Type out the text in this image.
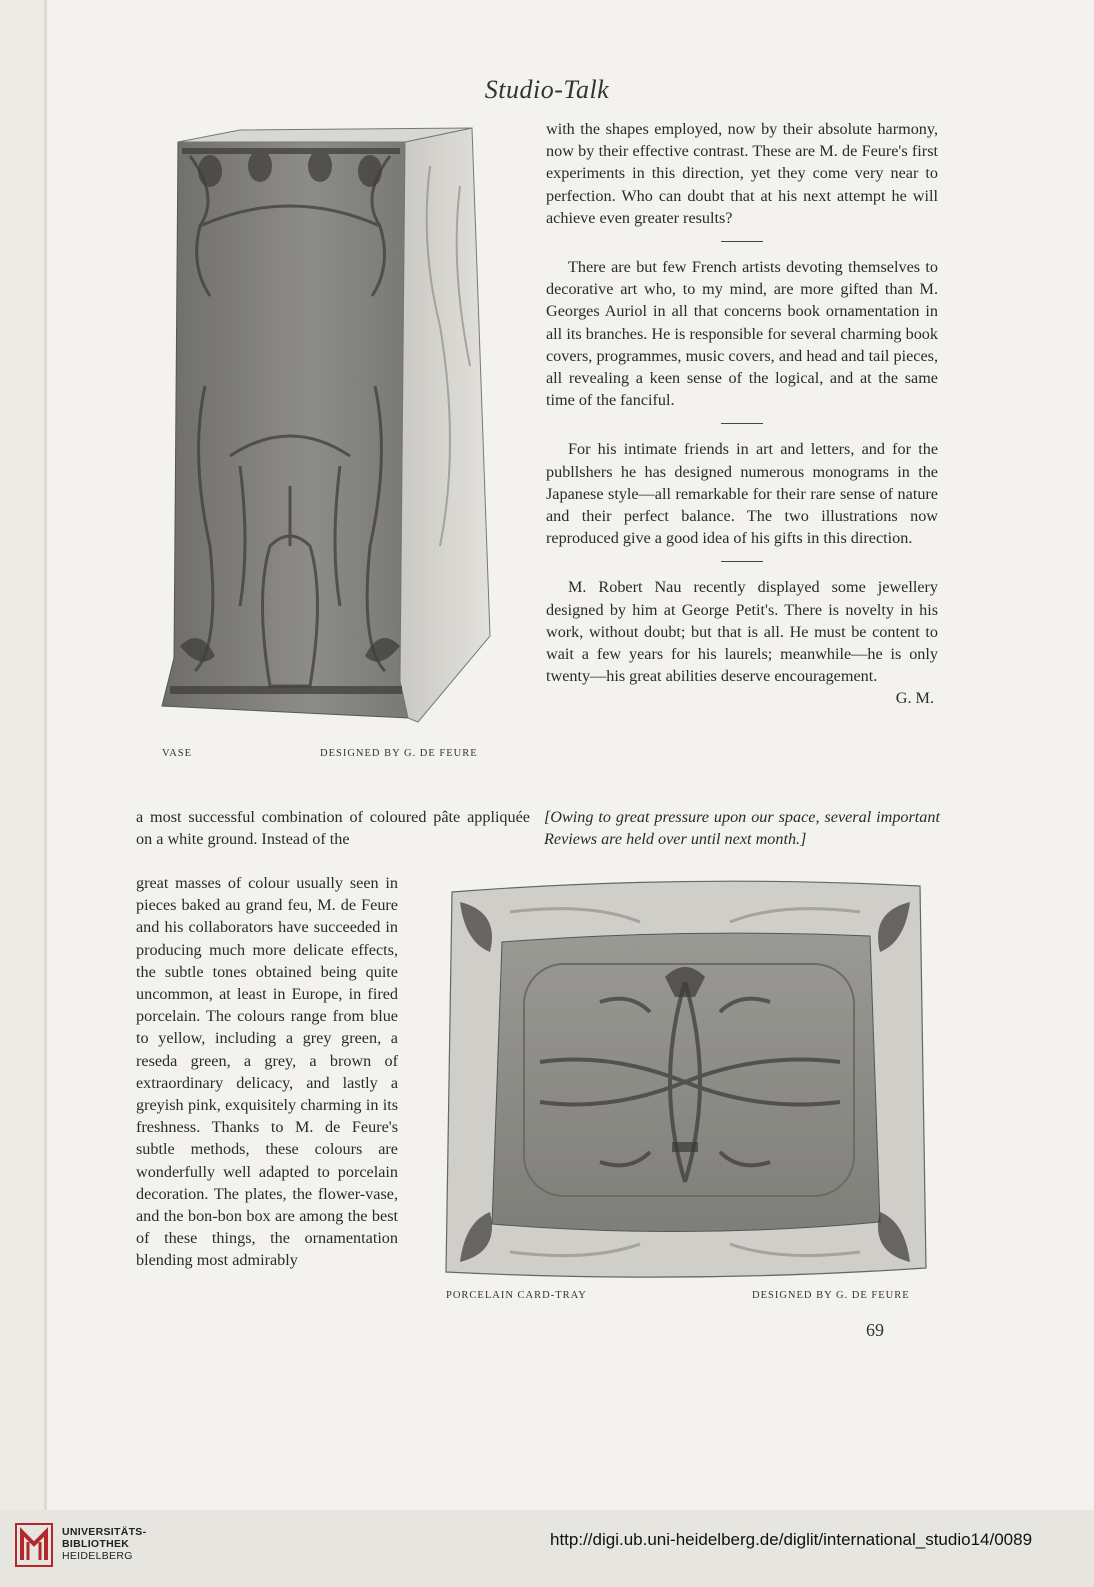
Studio-Talk
VASE	DESIGNED BY G. DE FEURE

with the shapes employed, now by their absolute harmony, now by their effective contrast. These are M. de Feure's first experiments in this direction, yet they come very near to perfection. Who can doubt that at his next attempt he will achieve even greater results?

There are but few French artists devoting themselves to decorative art who, to my mind, are more gifted than M. Georges Auriol in all that concerns book ornamentation in all its branches. He is responsible for several charming book covers, programmes, music covers, and head and tail pieces, all revealing a keen sense of the logical, and at the same time of the fanciful.

For his intimate friends in art and letters, and for the publlshers he has designed numerous monograms in the Japanese style—all remarkable for their rare sense of nature and their perfect balance. The two illustrations now reproduced give a good idea of his gifts in this direction.

M. Robert Nau recently displayed some jewellery designed by him at George Petit's. There is novelty in his work, without doubt; but that is all. He must be content to wait a few years for his laurels; meanwhile—he is only twenty—his great abilities deserve encouragement.

G. M.
[Owing to great pressure upon our space, several important Reviews are held over until next month.]
a most successful combination of coloured pâte appliquée on a white ground. Instead of the
great masses of colour usually seen in pieces baked au grand feu, M. de Feure and his collaborators have succeeded in producing much more delicate effects, the subtle tones obtained being quite uncommon, at least in Europe, in fired porcelain. The colours range from blue to yellow, including a grey green, a reseda green, a grey, a brown of extraordinary delicacy, and lastly a greyish pink, exquisitely charming in its freshness. Thanks to M. de Feure's subtle methods, these colours are wonderfully well adapted to porcelain decoration. The plates, the flower-vase, and the bon-bon box are among the best of these things, the ornamentation blending most admirably
PORCELAIN CARD-TRAY	DESIGNED BY G. DE FEURE
69
UNIVERSITÄTS-
BIBLIOTHEK
HEIDELBERG
http://digi.ub.uni-heidelberg.de/diglit/international_studio14/0089
